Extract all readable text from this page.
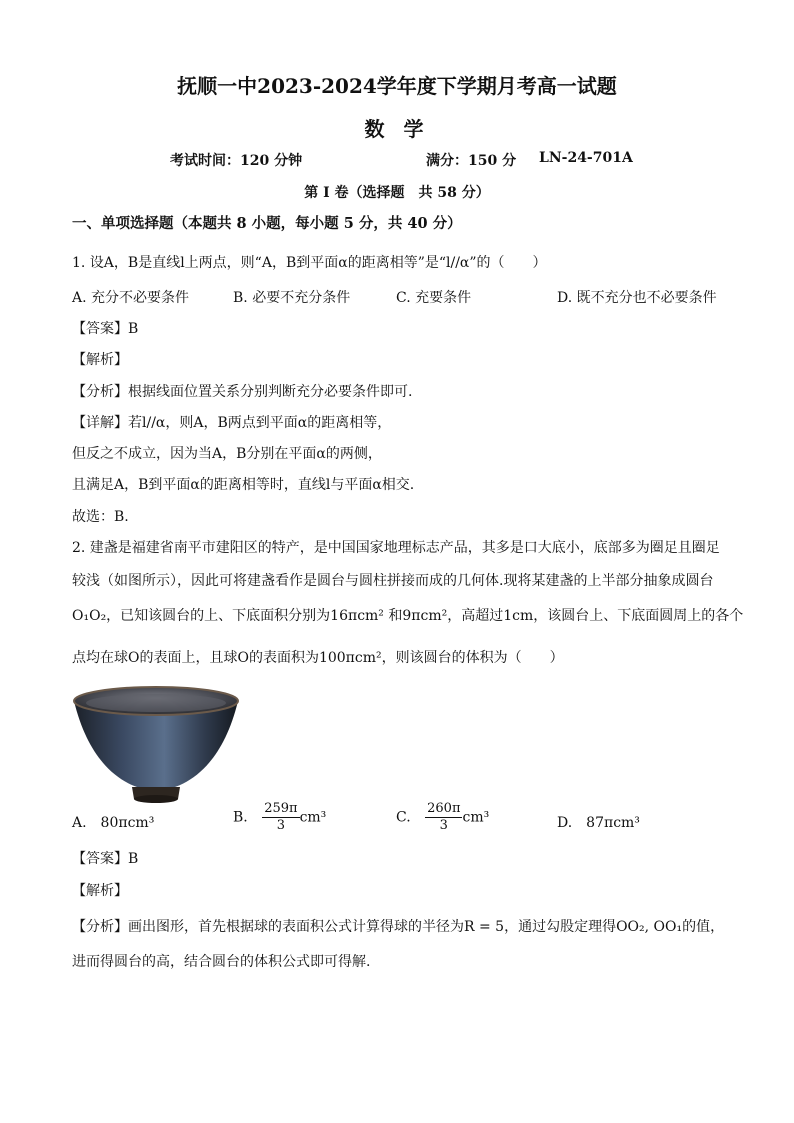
抚顺一中2023-2024学年度下学期月考高一试题
数 学
考试时间：120 分钟	满分：150 分 LN-24-701A
第 I 卷（选择题　共 58 分）
一、单项选择题（本题共 8 小题，每小题 5 分，共 40 分）
1. 设A，B是直线l上两点，则“A，B到平面α的距离相等”是“l//α”的（　　）
A. 充分不必要条件	B. 必要不充分条件	C. 充要条件	D. 既不充分也不必要条件
【答案】B
【解析】
【分析】根据线面位置关系分别判断充分必要条件即可.
【详解】若l//α，则A，B两点到平面α的距离相等，
但反之不成立，因为当A，B分别在平面α的两侧，
且满足A，B到平面α的距离相等时，直线l与平面α相交.
故选：B.
2. 建盏是福建省南平市建阳区的特产，是中国国家地理标志产品，其多是口大底小，底部多为圈足且圈足
较浅（如图所示），因此可将建盏看作是圆台与圆柱拼接而成的几何体.现将某建盏的上半部分抽象成圆台
O₁O₂，已知该圆台的上、下底面积分别为16πcm² 和9πcm²，高超过1cm，该圆台上、下底面圆周上的各个
点均在球O的表面上，且球O的表面积为100πcm²，则该圆台的体积为（　　）
A.　80πcm³	B. $\frac{259\pi}{3} cm^3$	C. $\frac{260\pi}{3} cm^3$	D.　87πcm³
【答案】B
【解析】
【分析】画出图形，首先根据球的表面积公式计算得球的半径为R = 5，通过勾股定理得OO₂, OO₁的值，
进而得圆台的高，结合圆台的体积公式即可得解.
